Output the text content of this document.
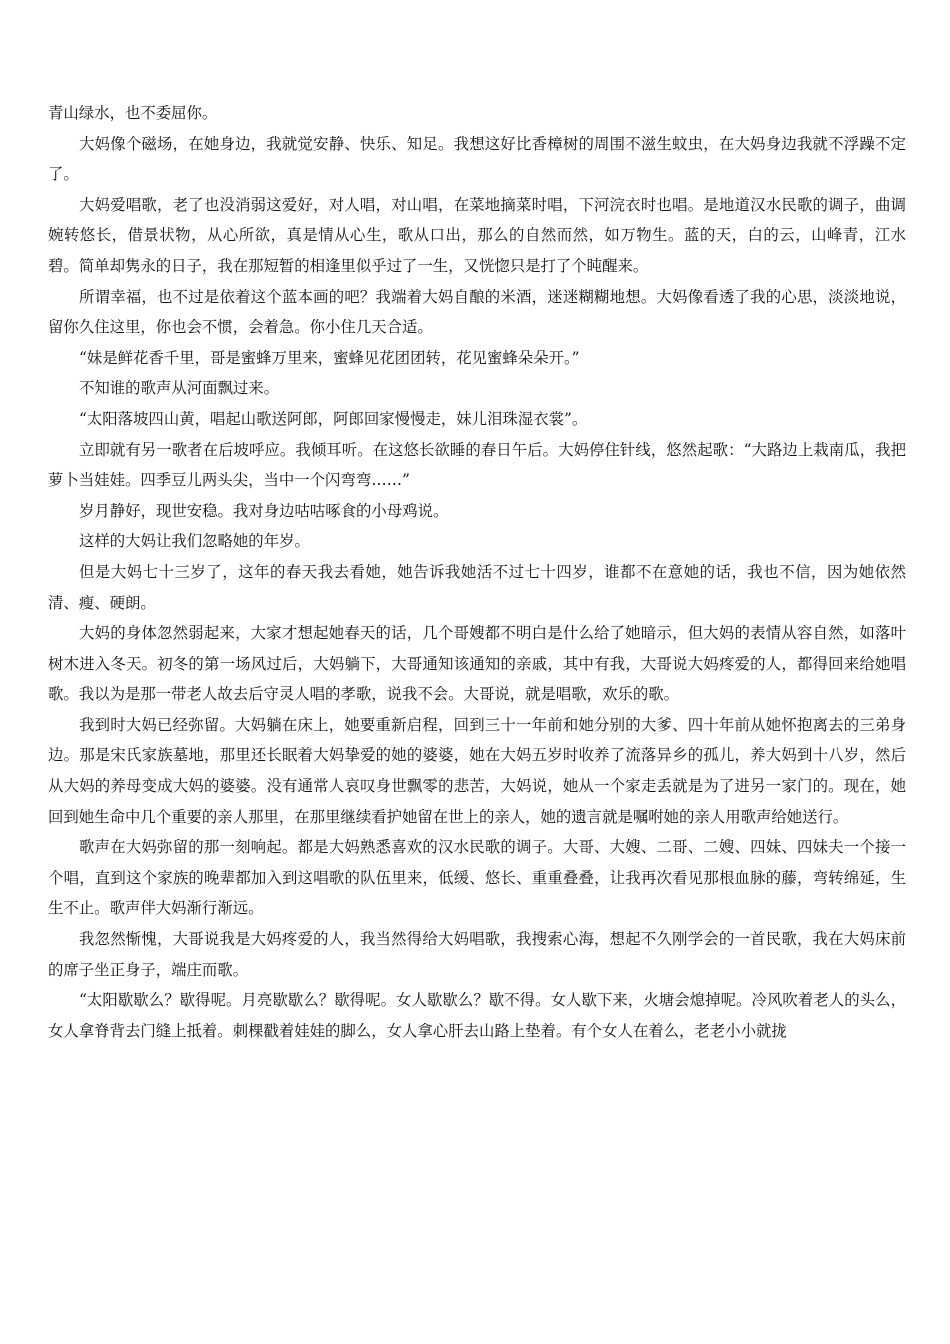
青山绿水，也不委屈你。

大妈像个磁场，在她身边，我就觉安静、快乐、知足。我想这好比香樟树的周围不滋生蚊虫，在大妈身边我就不浮躁不定了。

大妈爱唱歌，老了也没消弱这爱好，对人唱，对山唱，在菜地摘菜时唱，下河浣衣时也唱。是地道汉水民歌的调子，曲调婉转悠长，借景状物，从心所欲，真是情从心生，歌从口出，那么的自然而然，如万物生。蓝的天，白的云，山峰青，江水碧。简单却隽永的日子，我在那短暂的相逢里似乎过了一生，又恍惚只是打了个盹醒来。

所谓幸福，也不过是依着这个蓝本画的吧？我端着大妈自酿的米酒，迷迷糊糊地想。大妈像看透了我的心思，淡淡地说，留你久住这里，你也会不惯，会着急。你小住几天合适。

“妹是鲜花香千里，哥是蜜蜂万里来，蜜蜂见花团团转，花见蜜蜂朵朵开。”

不知谁的歌声从河面飘过来。

“太阳落坡四山黄，唱起山歌送阿郎，阿郎回家慢慢走，妹儿泪珠湿衣裳”。

立即就有另一歌者在后坡呼应。我倾耳听。在这悠长欲睡的春日午后。大妈停住针线，悠然起歌：“大路边上栽南瓜，我把萝卜当娃娃。四季豆儿两头尖，当中一个闪弯弯……”

岁月静好，现世安稳。我对身边咕咕啄食的小母鸡说。

这样的大妈让我们忽略她的年岁。

但是大妈七十三岁了，这年的春天我去看她，她告诉我她活不过七十四岁，谁都不在意她的话，我也不信，因为她依然清、瘦、硬朗。

大妈的身体忽然弱起来，大家才想起她春天的话，几个哥嫂都不明白是什么给了她暗示，但大妈的表情从容自然，如落叶树木进入冬天。初冬的第一场风过后，大妈躺下，大哥通知该通知的亲戚，其中有我，大哥说大妈疼爱的人，都得回来给她唱歌。我以为是那一带老人故去后守灵人唱的孝歌，说我不会。大哥说，就是唱歌，欢乐的歌。

我到时大妈已经弥留。大妈躺在床上，她要重新启程，回到三十一年前和她分别的大爹、四十年前从她怀抱离去的三弟身边。那是宋氏家族墓地，那里还长眠着大妈挚爱的她的婆婆，她在大妈五岁时收养了流落异乡的孤儿，养大妈到十八岁，然后从大妈的养母变成大妈的婆婆。没有通常人哀叹身世飘零的悲苦，大妈说，她从一个家走丢就是为了进另一家门的。现在，她回到她生命中几个重要的亲人那里，在那里继续看护她留在世上的亲人，她的遗言就是嘱咐她的亲人用歌声给她送行。

歌声在大妈弥留的那一刻响起。都是大妈熟悉喜欢的汉水民歌的调子。大哥、大嫂、二哥、二嫂、四妹、四妹夫一个接一个唱，直到这个家族的晚辈都加入到这唱歌的队伍里来，低缓、悠长、重重叠叠，让我再次看见那根血脉的藤，弯转绵延，生生不止。歌声伴大妈渐行渐远。

我忽然惭愧，大哥说我是大妈疼爱的人，我当然得给大妈唱歌，我搜索心海，想起不久刚学会的一首民歌，我在大妈床前的席子坐正身子，端庄而歌。

“太阳歇歇么？歇得呢。月亮歇歇么？歇得呢。女人歇歇么？歇不得。女人歇下来，火塘会熄掉呢。冷风吹着老人的头么，女人拿脊背去门缝上抵着。刺棵戳着娃娃的脚么，女人拿心肝去山路上垫着。有个女人在着么，老老小小就拢
